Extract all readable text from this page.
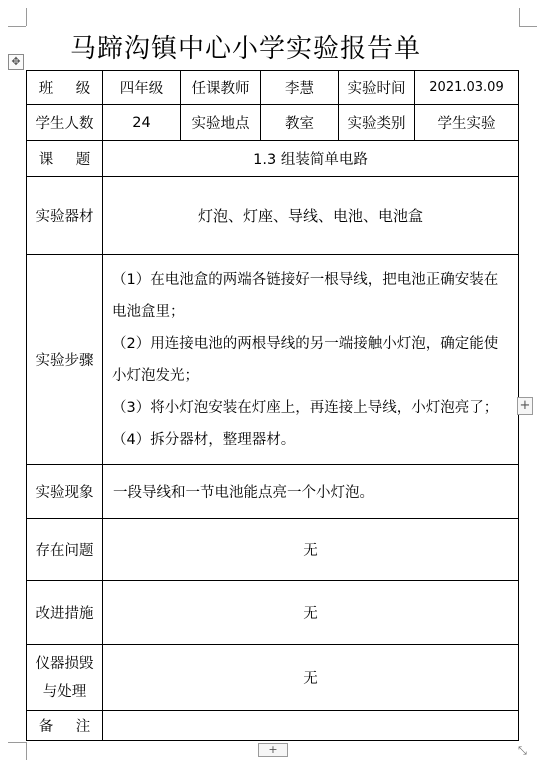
✥ 马蹄沟镇中心小学实验报告单
班 级	四年级	任课教师	李慧	实验时间	2021.03.09
学生人数	24	实验地点	教室	实验类别	学生实验
课 题	1.3 组装简单电路				
实验器材	灯泡、灯座、导线、电池、电池盒				
实验步骤	（1）在电池盒的两端各链接好一根导线，把电池正确安装在电池盒里；

（2）用连接电池的两根导线的另一端接触小灯泡，确定能使小灯泡发光；

（3）将小灯泡安装在灯座上，再连接上导线，小灯泡亮了；

（4）拆分器材，整理器材。				

实验现象	一段导线和一节电池能点亮一个小灯泡。				
存在问题	无				
改进措施	无				
仪器损毁
与处理	无				
备 注					
+
+	⤡
